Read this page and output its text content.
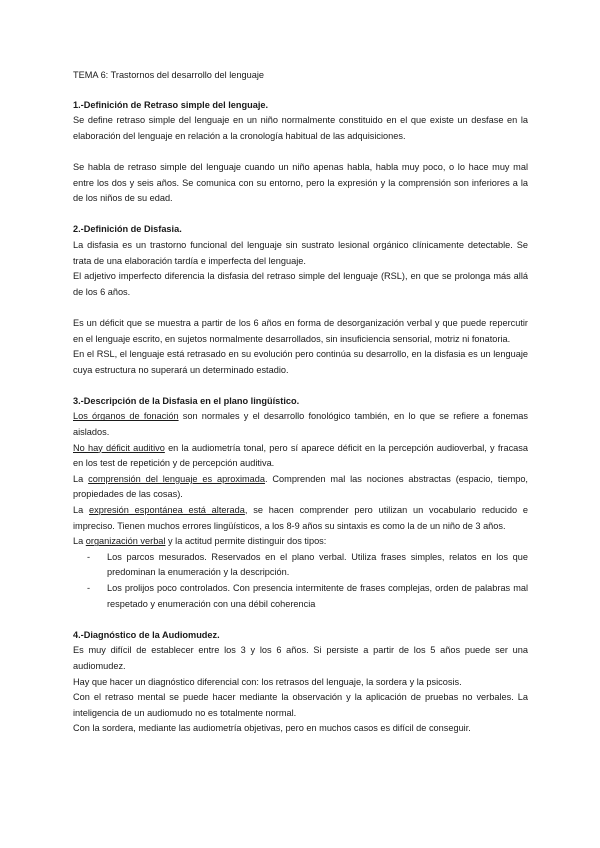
TEMA 6: Trastornos del desarrollo del lenguaje

1.-Definición de Retraso simple del lenguaje.

Se define retraso simple del lenguaje en un niño normalmente constituido en el que existe un desfase en la elaboración del lenguaje en relación a la cronología habitual de las adquisiciones.

Se habla de retraso simple del lenguaje cuando un niño apenas habla, habla muy poco, o lo hace muy mal entre los dos y seis años. Se comunica con su entorno, pero la expresión y la comprensión son inferiores a la de los niños de su edad.

2.-Definición de Disfasia.

La disfasia es un trastorno funcional del lenguaje sin sustrato lesional orgánico clínicamente detectable. Se trata de una elaboración tardía e imperfecta del lenguaje.

El adjetivo imperfecto diferencia la disfasia del retraso simple del lenguaje (RSL), en que se prolonga más allá de los 6 años.

Es un déficit que se muestra a partir de los 6 años en forma de desorganización verbal y que puede repercutir en el lenguaje escrito, en sujetos normalmente desarrollados, sin insuficiencia sensorial, motriz ni fonatoria.

En el RSL, el lenguaje está retrasado en su evolución pero continúa su desarrollo, en la disfasia es un lenguaje cuya estructura no superará un determinado estadio.

3.-Descripción de la Disfasia en el plano lingüístico.

Los órganos de fonación son normales y el desarrollo fonológico también, en lo que se refiere a fonemas aislados.

No hay déficit auditivo en la audiometría tonal, pero sí aparece déficit en la percepción audioverbal, y fracasa en los test de repetición y de percepción auditiva.

La comprensión del lenguaje es aproximada. Comprenden mal las nociones abstractas (espacio, tiempo, propiedades de las cosas).

La expresión espontánea está alterada, se hacen comprender pero utilizan un vocabulario reducido e impreciso. Tienen muchos errores lingüísticos, a los 8-9 años su sintaxis es como la de un niño de 3 años.

La organización verbal y la actitud permite distinguir dos tipos:

- Los parcos mesurados. Reservados en el plano verbal. Utiliza frases simples, relatos en los que predominan la enumeración y la descripción.
- Los prolijos poco controlados. Con presencia intermitente de frases complejas, orden de palabras mal respetado y enumeración con una débil coherencia

4.-Diagnóstico de la Audiomudez.

Es muy difícil de establecer entre los 3 y los 6 años. Si persiste a partir de los 5 años puede ser una audiomudez.

Hay que hacer un diagnóstico diferencial con: los retrasos del lenguaje, la sordera y la psicosis.

Con el retraso mental se puede hacer mediante la observación y la aplicación de pruebas no verbales. La inteligencia de un audiomudo no es totalmente normal.

Con la sordera, mediante las audiometría objetivas, pero en muchos casos es difícil de conseguir.
